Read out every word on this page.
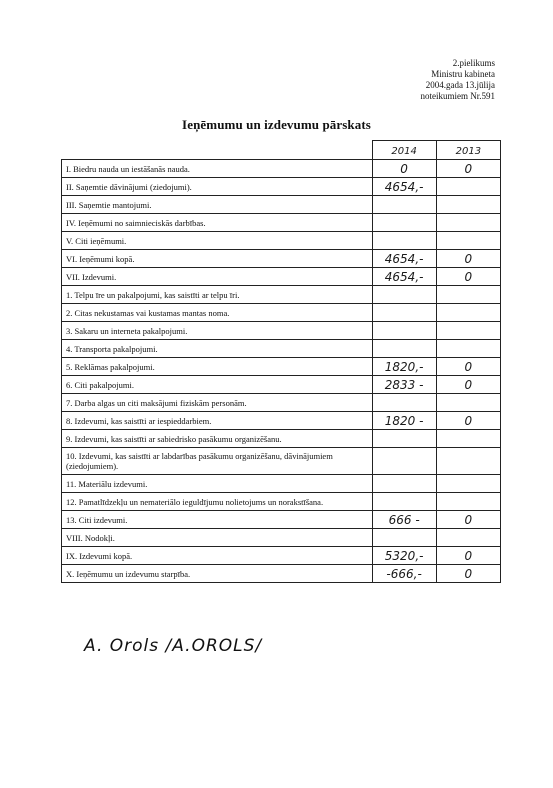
2.pielikums
Ministru kabineta
2004.gada 13.jūlija
noteikumiem Nr.591
Ieņēmumu un izdevumu pārskats
	2014	2013
I. Biedru nauda un iestāšanās nauda.	0	0
II. Saņemtie dāvinājumi (ziedojumi).	4654,-	
III. Saņemtie mantojumi.		
IV. Ieņēmumi no saimnieciskās darbības.		
V. Citi ieņēmumi.		
VI. Ieņēmumi kopā.	4654,-	0
VII. Izdevumi.	4654,-	0
1. Telpu īre un pakalpojumi, kas saistīti ar telpu īri.		
2. Citas nekustamas vai kustamas mantas noma.		
3. Sakaru un interneta pakalpojumi.		
4. Transporta pakalpojumi.		
5. Reklāmas pakalpojumi.	1820,-	0
6. Citi pakalpojumi.	2833 -	0
7. Darba algas un citi maksājumi fiziskām personām.		
8. Izdevumi, kas saistīti ar iespieddarbiem.	1820 -	0
9. Izdevumi, kas saistīti ar sabiedrisko pasākumu organizēšanu.		
10. Izdevumi, kas saistīti ar labdarības pasākumu organizēšanu, dāvinājumiem (ziedojumiem).		
11. Materiālu izdevumi.		
12. Pamatlīdzekļu un nemateriālo ieguldījumu nolietojums un norakstīšana.		
13. Citi izdevumi.	666 -	0
VIII. Nodokļi.		
IX. Izdevumi kopā.	5320,-	0
X. Ieņēmumu un izdevumu starpība.	-666,-	0
A. Orols /A.OROLS/
